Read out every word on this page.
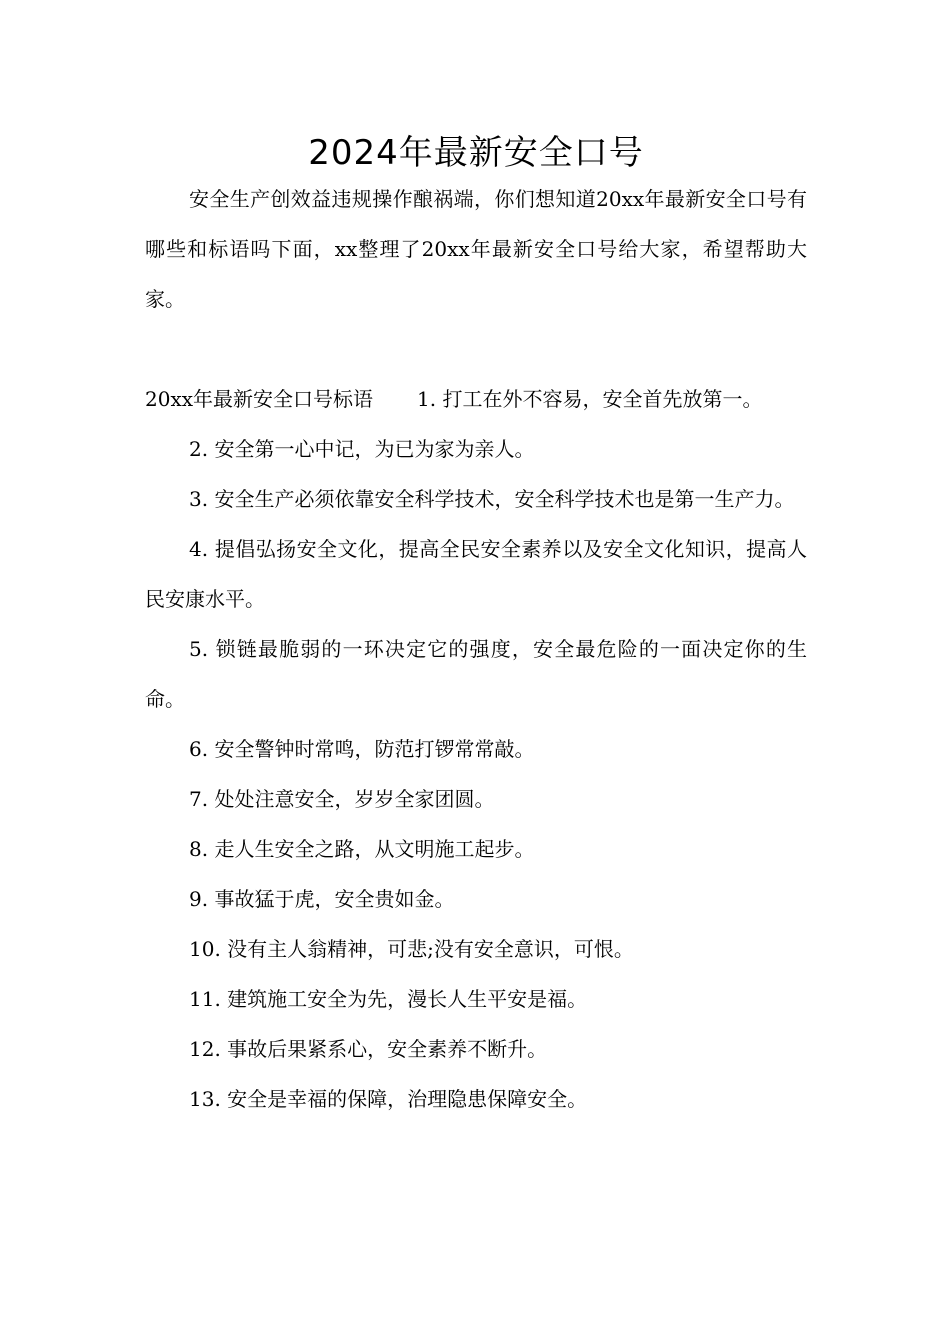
2024年最新安全口号

安全生产创效益违规操作酿祸端，你们想知道20xx年最新安全口号有哪些和标语吗下面，xx整理了20xx年最新安全口号给大家，希望帮助大家。

20xx年最新安全口号标语 1. 打工在外不容易，安全首先放第一。

2. 安全第一心中记，为已为家为亲人。

3. 安全生产必须依靠安全科学技术，安全科学技术也是第一生产力。

4. 提倡弘扬安全文化，提高全民安全素养以及安全文化知识，提高人民安康水平。

5. 锁链最脆弱的一环决定它的强度，安全最危险的一面决定你的生命。

6. 安全警钟时常鸣，防范打锣常常敲。

7. 处处注意安全，岁岁全家团圆。

8. 走人生安全之路，从文明施工起步。

9. 事故猛于虎，安全贵如金。

10. 没有主人翁精神，可悲;没有安全意识，可恨。

11. 建筑施工安全为先，漫长人生平安是福。

12. 事故后果紧系心，安全素养不断升。

13. 安全是幸福的保障，治理隐患保障安全。
